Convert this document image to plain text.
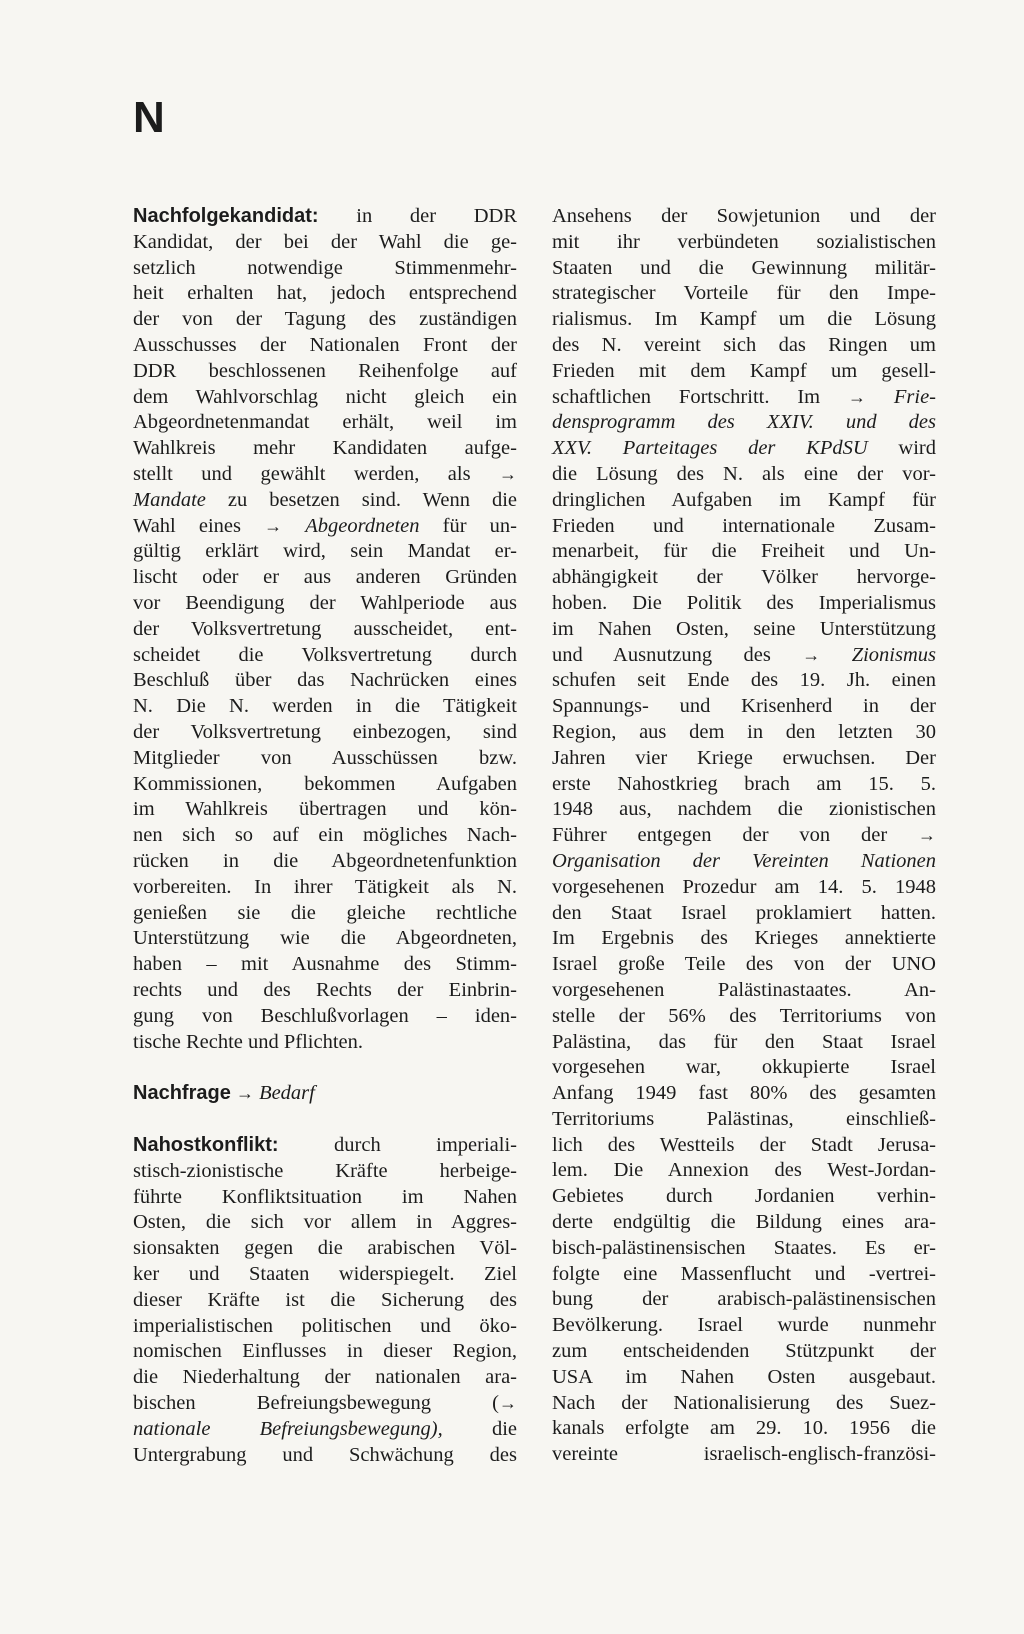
N
Nachfolgekandidat: in der DDR
Kandidat, der bei der Wahl die ge-
setzlich notwendige Stimmenmehr-
heit erhalten hat, jedoch entsprechend
der von der Tagung des zuständigen
Ausschusses der Nationalen Front der
DDR beschlossenen Reihenfolge auf
dem Wahlvorschlag nicht gleich ein
Abgeordnetenmandat erhält, weil im
Wahlkreis mehr Kandidaten aufge-
stellt und gewählt werden, als →
Mandate zu besetzen sind. Wenn die
Wahl eines → Abgeordneten für un-
gültig erklärt wird, sein Mandat er-
lischt oder er aus anderen Gründen
vor Beendigung der Wahlperiode aus
der Volksvertretung ausscheidet, ent-
scheidet die Volksvertretung durch
Beschluß über das Nachrücken eines
N. Die N. werden in die Tätigkeit
der Volksvertretung einbezogen, sind
Mitglieder von Ausschüssen bzw.
Kommissionen, bekommen Aufgaben
im Wahlkreis übertragen und kön-
nen sich so auf ein mögliches Nach-
rücken in die Abgeordnetenfunktion
vorbereiten. In ihrer Tätigkeit als N.
genießen sie die gleiche rechtliche
Unterstützung wie die Abgeordneten,
haben – mit Ausnahme des Stimm-
rechts und des Rechts der Einbrin-
gung von Beschlußvorlagen – iden-
tische Rechte und Pflichten.
Nachfrage → Bedarf
Nahostkonflikt: durch imperiali-
stisch-zionistische Kräfte herbeige-
führte Konfliktsituation im Nahen
Osten, die sich vor allem in Aggres-
sionsakten gegen die arabischen Völ-
ker und Staaten widerspiegelt. Ziel
dieser Kräfte ist die Sicherung des
imperialistischen politischen und öko-
nomischen Einflusses in dieser Region,
die Niederhaltung der nationalen ara-
bischen Befreiungsbewegung (→
nationale Befreiungsbewegung), die
Untergrabung und Schwächung des
Ansehens der Sowjetunion und der
mit ihr verbündeten sozialistischen
Staaten und die Gewinnung militär-
strategischer Vorteile für den Impe-
rialismus. Im Kampf um die Lösung
des N. vereint sich das Ringen um
Frieden mit dem Kampf um gesell-
schaftlichen Fortschritt. Im → Frie-
densprogramm des XXIV. und des
XXV. Parteitages der KPdSU wird
die Lösung des N. als eine der vor-
dringlichen Aufgaben im Kampf für
Frieden und internationale Zusam-
menarbeit, für die Freiheit und Un-
abhängigkeit der Völker hervorge-
hoben. Die Politik des Imperialismus
im Nahen Osten, seine Unterstützung
und Ausnutzung des → Zionismus
schufen seit Ende des 19. Jh. einen
Spannungs- und Krisenherd in der
Region, aus dem in den letzten 30
Jahren vier Kriege erwuchsen. Der
erste Nahostkrieg brach am 15. 5.
1948 aus, nachdem die zionistischen
Führer entgegen der von der →
Organisation der Vereinten Nationen
vorgesehenen Prozedur am 14. 5. 1948
den Staat Israel proklamiert hatten.
Im Ergebnis des Krieges annektierte
Israel große Teile des von der UNO
vorgesehenen Palästinastaates. An-
stelle der 56% des Territoriums von
Palästina, das für den Staat Israel
vorgesehen war, okkupierte Israel
Anfang 1949 fast 80% des gesamten
Territoriums Palästinas, einschließ-
lich des Westteils der Stadt Jerusa-
lem. Die Annexion des West-Jordan-
Gebietes durch Jordanien verhin-
derte endgültig die Bildung eines ara-
bisch-palästinensischen Staates. Es er-
folgte eine Massenflucht und -vertrei-
bung der arabisch-palästinensischen
Bevölkerung. Israel wurde nunmehr
zum entscheidenden Stützpunkt der
USA im Nahen Osten ausgebaut.
Nach der Nationalisierung des Suez-
kanals erfolgte am 29. 10. 1956 die
vereinte israelisch-englisch-französi-
